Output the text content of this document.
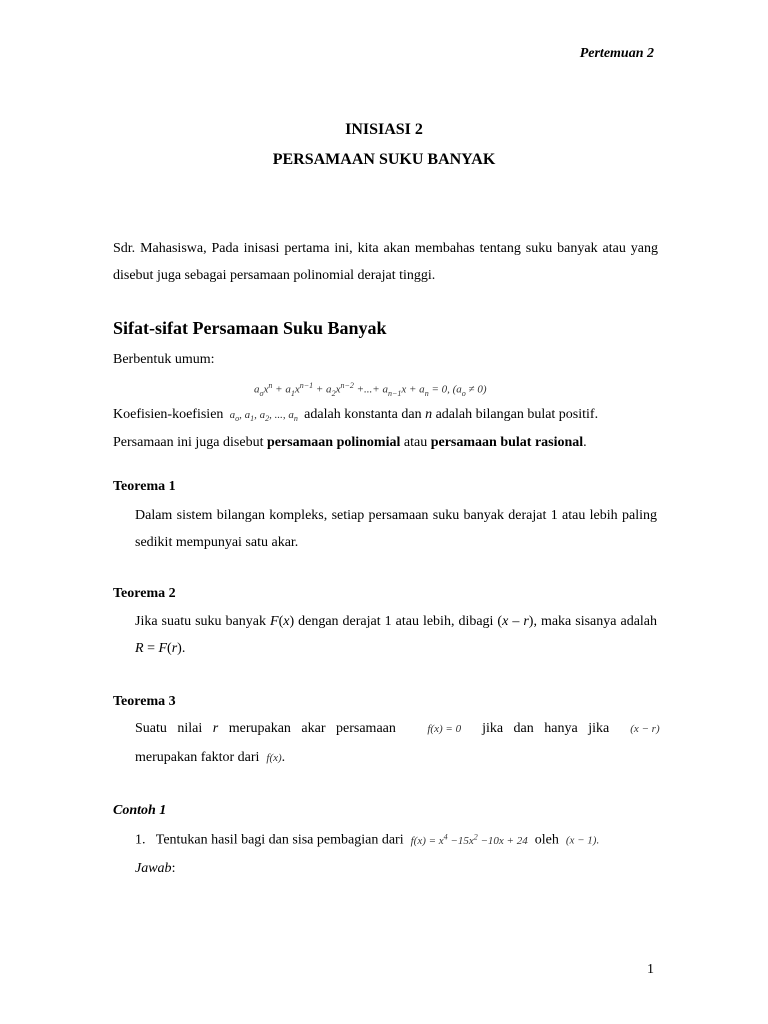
Pertemuan 2
INISIASI 2
PERSAMAAN SUKU BANYAK
Sdr. Mahasiswa, Pada inisasi pertama ini, kita akan membahas tentang suku banyak atau yang disebut juga sebagai persamaan polinomial derajat tinggi.
Sifat-sifat Persamaan Suku Banyak
Berbentuk umum:
$a_ox^n + a_1x^{n-1} + a_2x^{n-2}$ +...+ $a_{n-1}x + a_n = 0$, $(a_o \ne 0)$
Koefisien-koefisien  $a_o$, $a_1$, $a_2$, ..., $a_n$ adalah konstanta dan n adalah bilangan bulat positif.
Persamaan ini juga disebut persamaan polinomial atau persamaan bulat rasional.
Teorema 1
Dalam sistem bilangan kompleks, setiap persamaan suku banyak derajat 1 atau lebih paling sedikit mempunyai satu akar.
Teorema 2
Jika suatu suku banyak F(x) dengan derajat 1 atau lebih, dibagi (x – r), maka sisanya adalah R = F(r).
Teorema 3
Suatu nilai r merupakan akar persamaan	f(x) = 0 jika dan hanya jika (x − r)
merupakan faktor dari f(x).
Contoh 1
1. Tentukan hasil bagi dan sisa pembagian dari $f(x) = x^4 -15x^2 -10x + 24$ oleh (x − 1).
Jawab:
1
